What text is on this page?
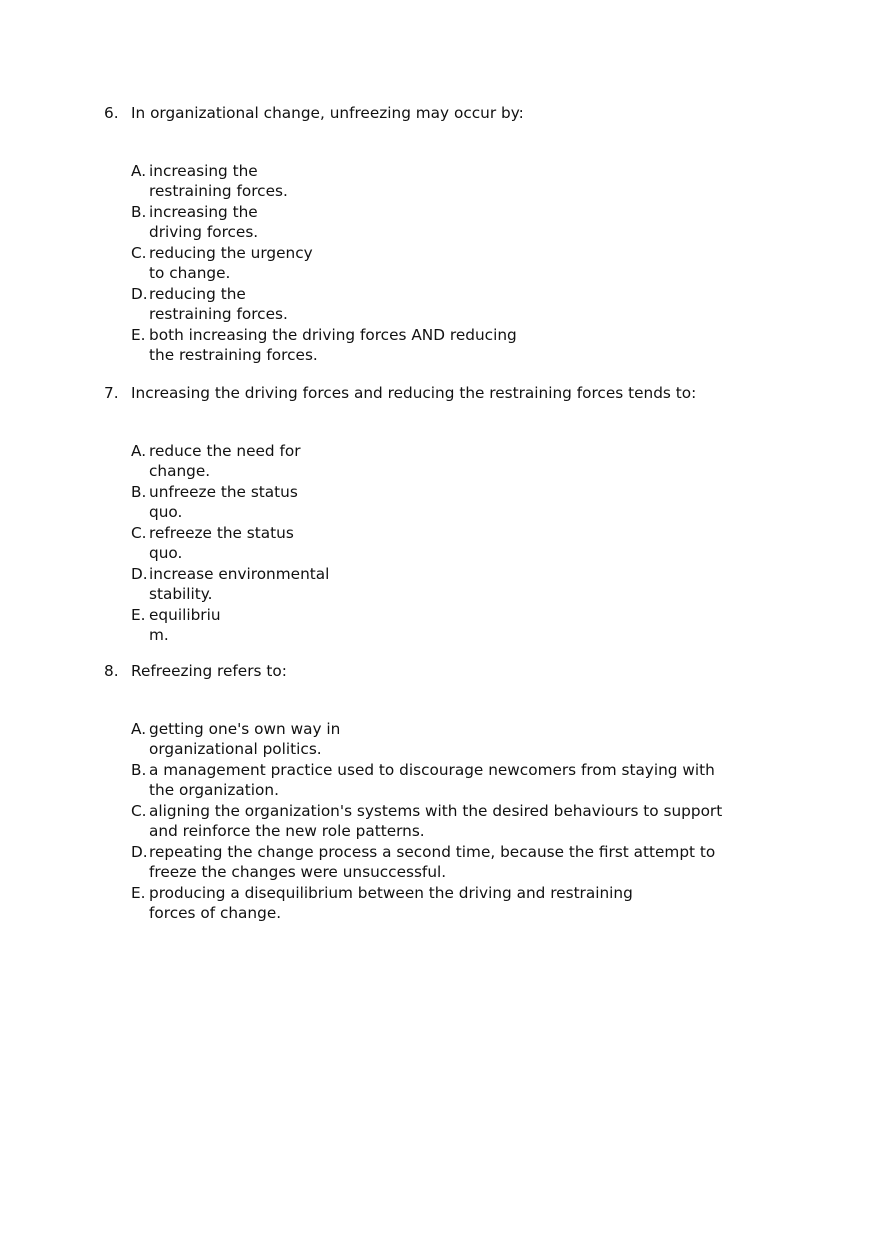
6. In organizational change, unfreezing may occur by:
A. increasing the restraining forces.
B. increasing the driving forces.
C. reducing the urgency to change.
D. reducing the restraining forces.
E. both increasing the driving forces AND reducing the restraining forces.
7. Increasing the driving forces and reducing the restraining forces tends to:
A. reduce the need for change.
B. unfreeze the status quo.
C. refreeze the status quo.
D. increase environmental stability.
E. equilibrium.
8. Refreezing refers to:
A. getting one's own way in organizational politics.
B. a management practice used to discourage newcomers from staying with the organization.
C. aligning the organization's systems with the desired behaviours to support and reinforce the new role patterns.
D. repeating the change process a second time, because the first attempt to freeze the changes were unsuccessful.
E. producing a disequilibrium between the driving and restraining forces of change.
